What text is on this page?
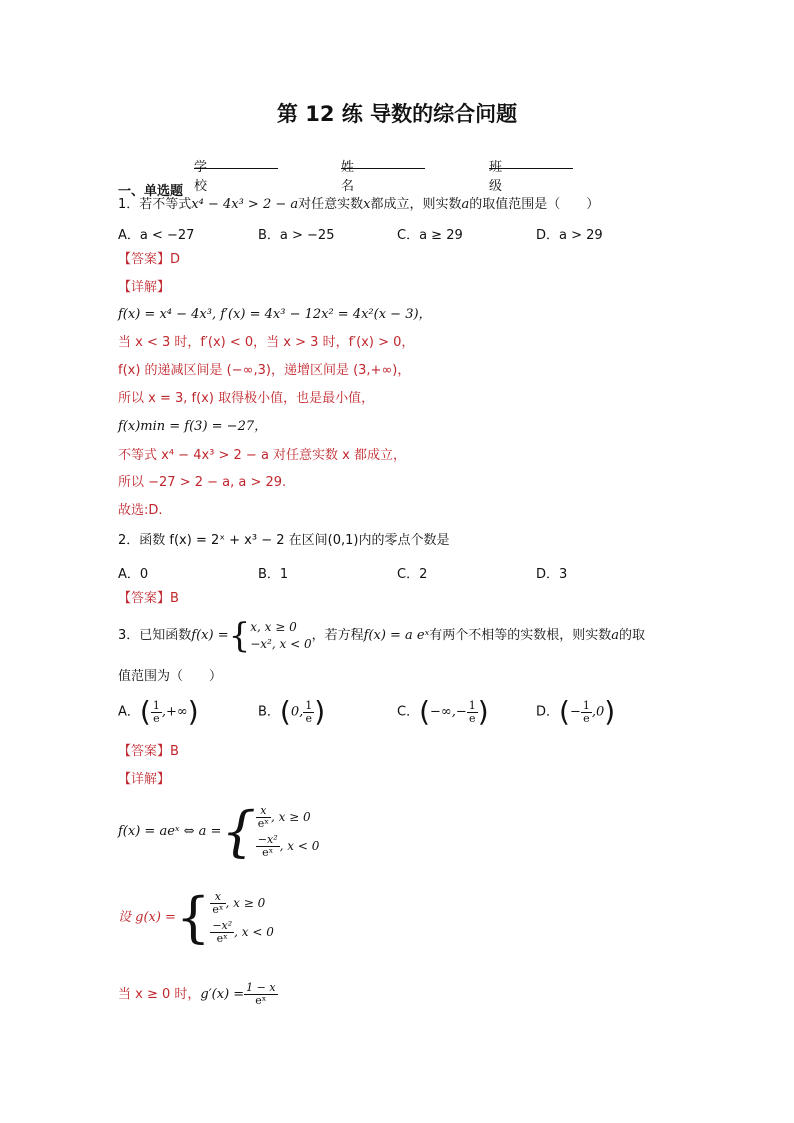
第 12 练 导数的综合问题
学校
姓名
班级
一、单选题
1．若不等式x⁴ − 4x³ > 2 − a对任意实数x都成立，则实数a的取值范围是（　　）
A．a < −27	B．a > −25	C．a ≥ 29	D．a > 29
【答案】D
【详解】
f(x) = x⁴ − 4x³, f′(x) = 4x³ − 12x² = 4x²(x − 3)，
当 x < 3 时，f′(x) < 0，当 x > 3 时，f′(x) > 0，
f(x) 的递减区间是 (−∞,3)，递增区间是 (3,+∞)，
所以 x = 3, f(x) 取得极小值，也是最小值，
f(x)min = f(3) = −27，
不等式 x⁴ − 4x³ > 2 − a 对任意实数 x 都成立，
所以 −27 > 2 − a, a > 29.
故选:D.
2．函数 f(x) = 2ˣ + x³ − 2 在区间(0,1)内的零点个数是
A．0	B．1	C．2	D．3
【答案】B
3．已知函数f(x) ={ x, x ≥ 0
−x², x < 0
，若方程f(x) = a eˣ有两个不相等的实数根，则实数a的取
值范围为（　　）
A．( $\frac{1}{e}$ ,+∞)	B．(0, $\frac{1}{e}$ )	C．(−∞,− $\frac{1}{e}$ )	D．(− $\frac{1}{e} ,0$)
【答案】B
【详解】
f(x) = aeˣ ⇔ a ={ $\frac{x}{\text{eˣ}}$ , x ≥ 0
$\frac{\text{−x²}}{\text{eˣ}}$ , x < 0
设 g(x) ={ $\frac{x}{\text{eˣ}}$ , x ≥ 0
$\frac{\text{−x²}}{\text{eˣ}}$ , x < 0
当 x ≥ 0 时，$g'(x) = \frac{1 - x}{\text{eˣ}}$
